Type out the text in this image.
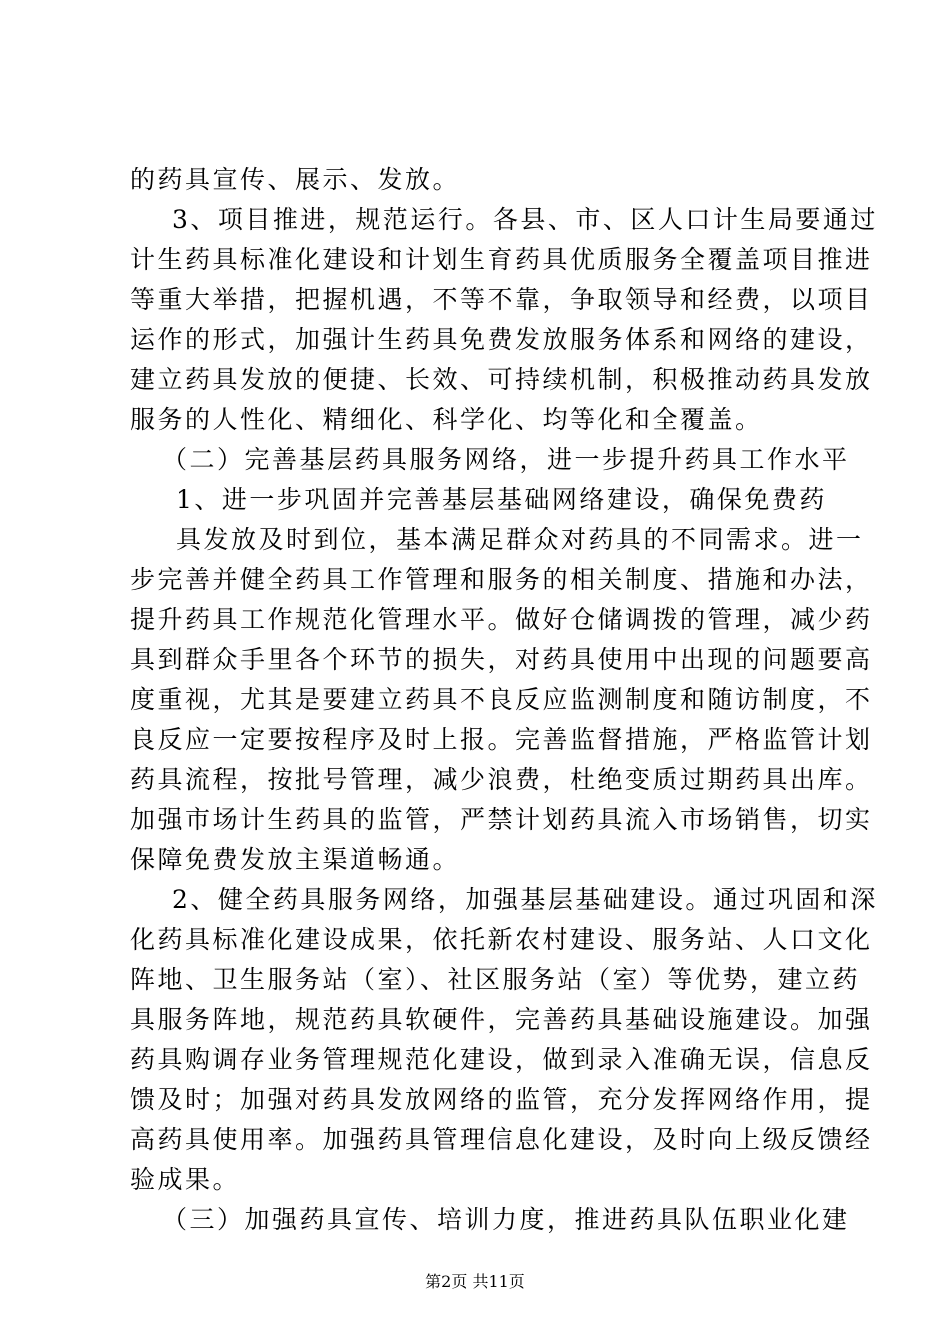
的药具宣传、展示、发放。
3、项目推进，规范运行。各县、市、区人口计生局要通过
计生药具标准化建设和计划生育药具优质服务全覆盖项目推进
等重大举措，把握机遇，不等不靠，争取领导和经费，以项目
运作的形式，加强计生药具免费发放服务体系和网络的建设，
建立药具发放的便捷、长效、可持续机制，积极推动药具发放
服务的人性化、精细化、科学化、均等化和全覆盖。
（二）完善基层药具服务网络，进一步提升药具工作水平
1、进一步巩固并完善基层基础网络建设，确保免费药
具发放及时到位，基本满足群众对药具的不同需求。进一
步完善并健全药具工作管理和服务的相关制度、措施和办法，
提升药具工作规范化管理水平。做好仓储调拨的管理，减少药
具到群众手里各个环节的损失，对药具使用中出现的问题要高
度重视，尤其是要建立药具不良反应监测制度和随访制度，不
良反应一定要按程序及时上报。完善监督措施，严格监管计划
药具流程，按批号管理，减少浪费，杜绝变质过期药具出库。
加强市场计生药具的监管，严禁计划药具流入市场销售，切实
保障免费发放主渠道畅通。
2、健全药具服务网络，加强基层基础建设。通过巩固和深
化药具标准化建设成果，依托新农村建设、服务站、人口文化
阵地、卫生服务站（室）、社区服务站（室）等优势，建立药
具服务阵地，规范药具软硬件，完善药具基础设施建设。加强
药具购调存业务管理规范化建设，做到录入准确无误，信息反
馈及时；加强对药具发放网络的监管，充分发挥网络作用，提
高药具使用率。加强药具管理信息化建设，及时向上级反馈经
验成果。
（三）加强药具宣传、培训力度，推进药具队伍职业化建
第2页 共11页
